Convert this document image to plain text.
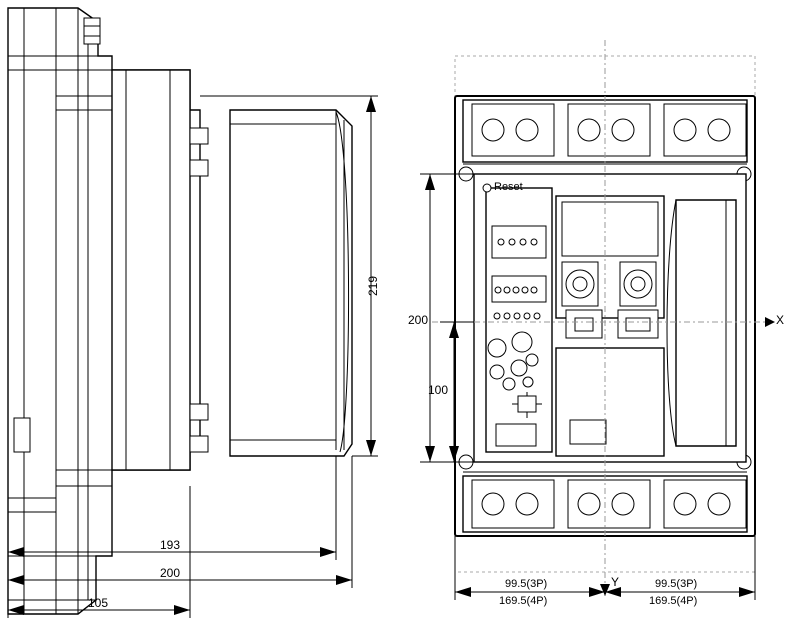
219
193
200
105
200
100
99.5(3P)
169.5(4P)
99.5(3P)
169.5(4P)
X
Y
Reset
